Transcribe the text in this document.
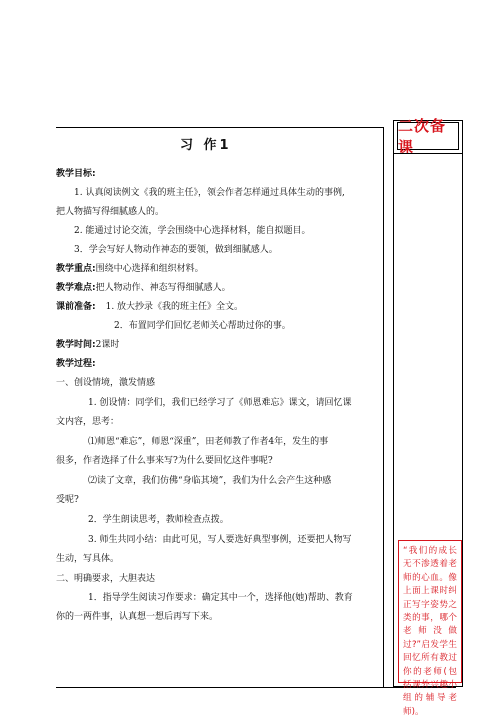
二次备课
“我们的成长无不渗透着老师的心血。像上面上课时纠正写字姿势之类的事，哪个老师没做过?”启发学生回忆所有教过你的老师(包括课外兴趣小组的辅导老师)。
习 作1
教学目标:
1. 认真阅读例文《我的班主任》，领会作者怎样通过具体生动的事例,
把人物描写得细腻感人的。
2. 能通过讨论交流，学会围绕中心选择材料，能自拟题目。
3．学会写好人物动作神态的要领，做到细腻感人。
教学重点:围绕中心选择和组织材料。
教学难点:把人物动作、神态写得细腻感人。
课前准备: 1. 放大抄录《我的班主任》全文。
2．布置同学们回忆老师关心帮助过你的事。
教学时间:2课时
教学过程:
一、创设情境，激发情感
1. 创设情：同学们，我们已经学习了《师恩难忘》课文，请回忆课
文内容，思考：
⑴师恩“难忘”，师恩“深重”，田老师教了作者4年，发生的事
很多，作者选择了什么事来写?为什么要回忆这件事呢?
⑵读了文章，我们仿佛“身临其境”，我们为什么会产生这种感
受呢?
2．学生朗读思考，教师检查点拨。
3. 师生共同小结：由此可见，写人要选好典型事例，还要把人物写
生动，写具体。
二、明确要求，大胆表达
1．指导学生阅读习作要求：确定其中一个，选择他(她)帮助、教育
你的一两件事，认真想一想后再写下来。
